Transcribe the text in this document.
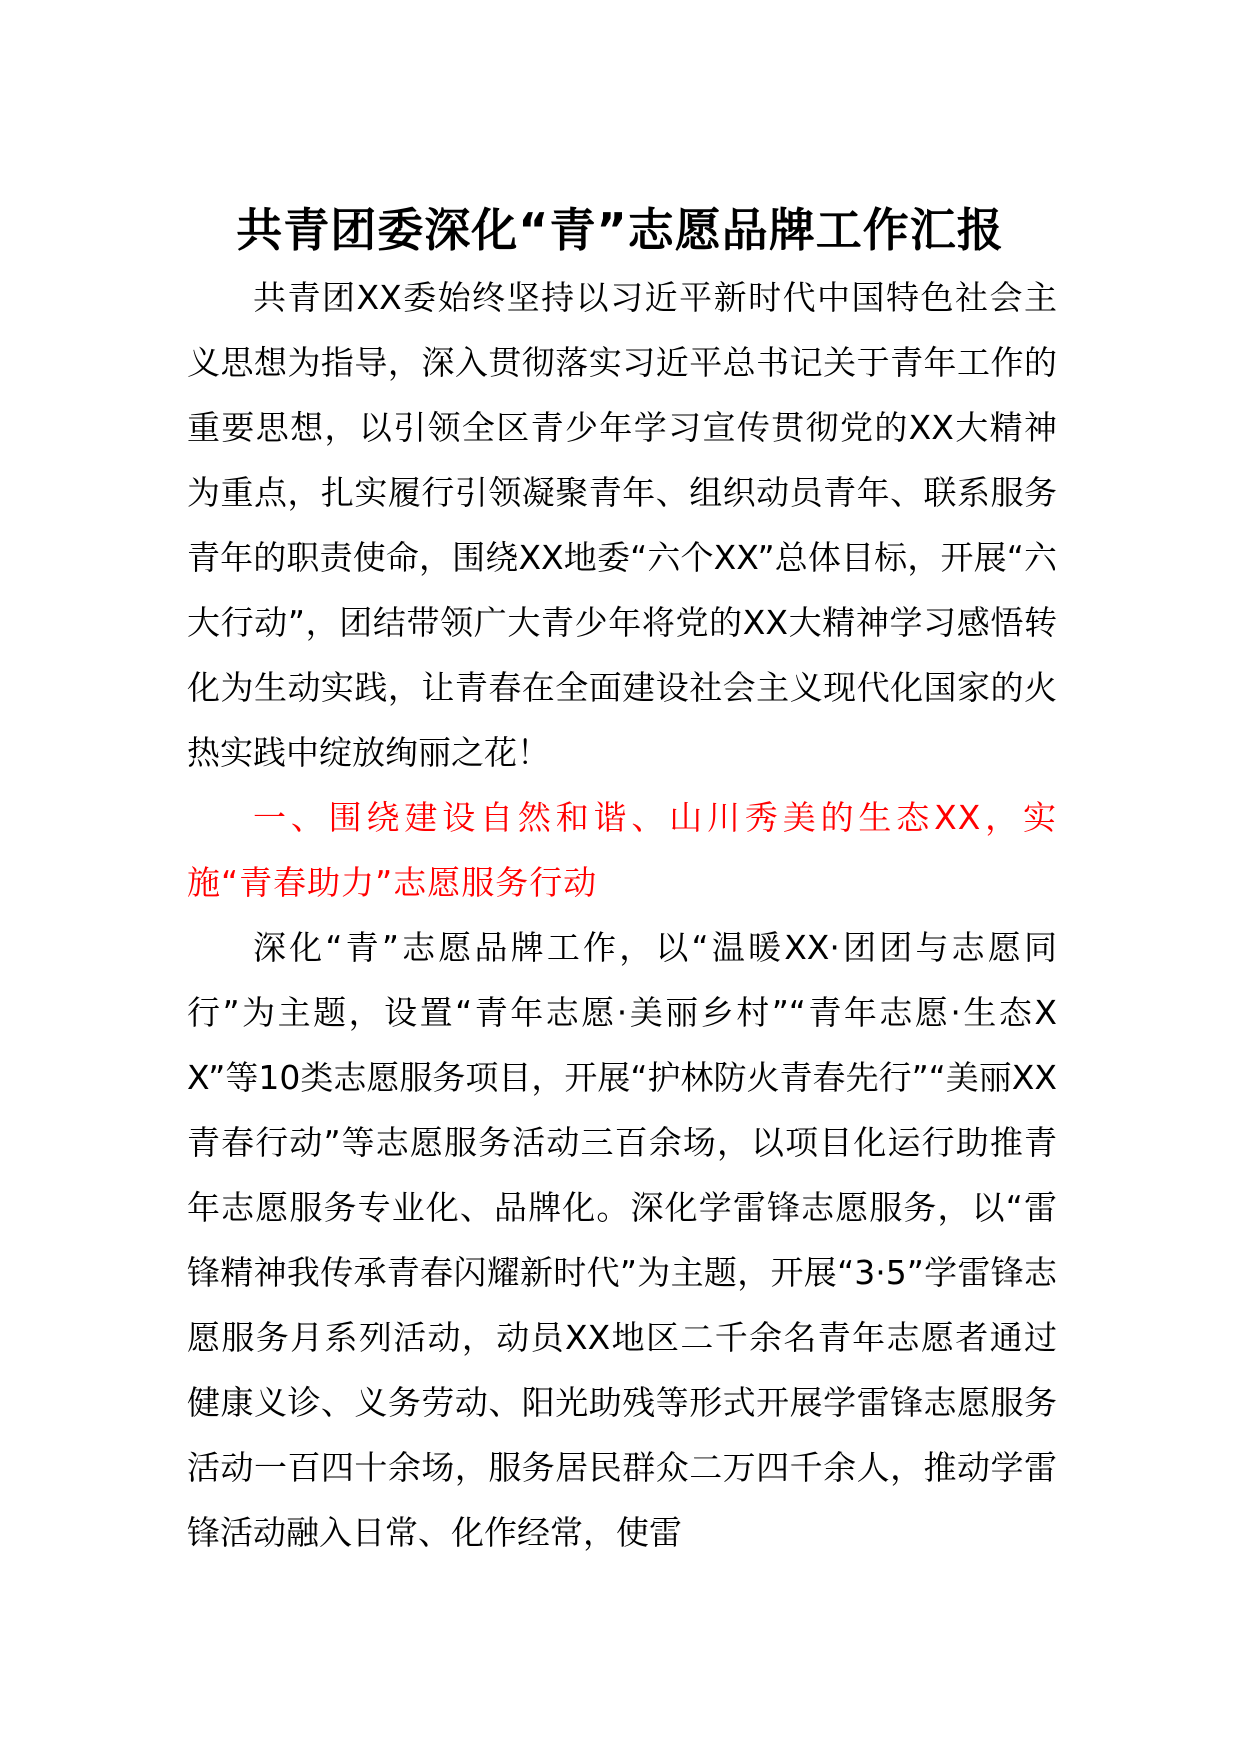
共青团委深化“青”志愿品牌工作汇报

共青团XX委始终坚持以习近平新时代中国特色社会主义思想为指导，深入贯彻落实习近平总书记关于青年工作的重要思想，以引领全区青少年学习宣传贯彻党的XX大精神为重点，扎实履行引领凝聚青年、组织动员青年、联系服务青年的职责使命，围绕XX地委“六个XX”总体目标，开展“六大行动”，团结带领广大青少年将党的XX大精神学习感悟转化为生动实践，让青春在全面建设社会主义现代化国家的火热实践中绽放绚丽之花！

一、围绕建设自然和谐、山川秀美的生态XX，实施“青春助力”志愿服务行动

深化“青”志愿品牌工作，以“温暖XX·团团与志愿同行”为主题，设置“青年志愿·美丽乡村”“青年志愿·生态XX”等10类志愿服务项目，开展“护林防火青春先行”“美丽XX青春行动”等志愿服务活动三百余场，以项目化运行助推青年志愿服务专业化、品牌化。深化学雷锋志愿服务，以“雷锋精神我传承青春闪耀新时代”为主题，开展“3·5”学雷锋志愿服务月系列活动，动员XX地区二千余名青年志愿者通过健康义诊、义务劳动、阳光助残等形式开展学雷锋志愿服务活动一百四十余场，服务居民群众二万四千余人，推动学雷锋活动融入日常、化作经常，使雷
